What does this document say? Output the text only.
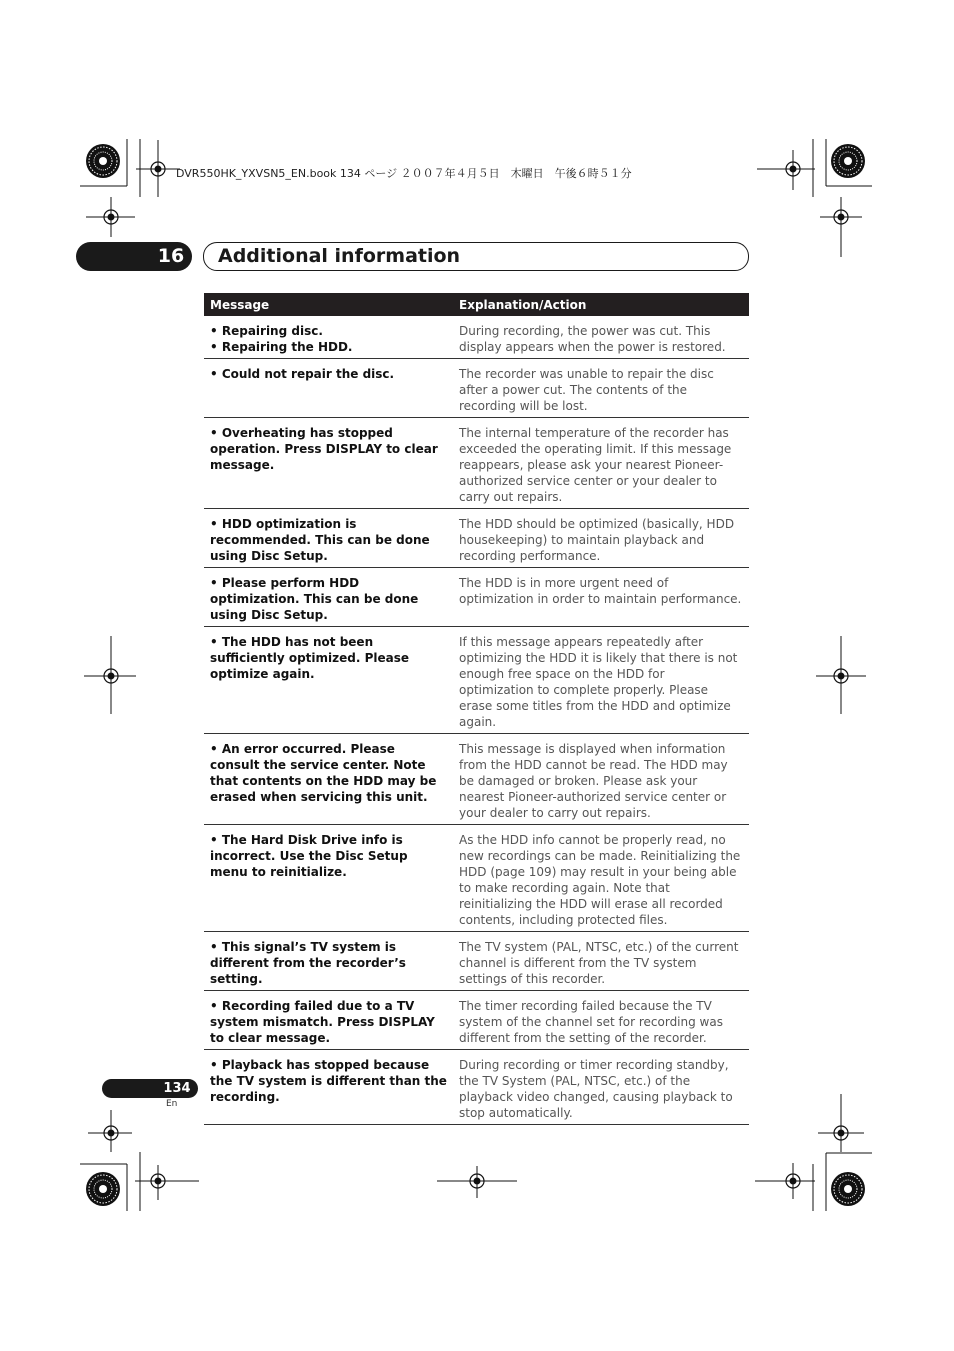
DVR550HK_YXVSN5_EN.book 134 ページ ２００７年４月５日　木曜日　午後６時５１分
16	Additional information
Message	Explanation/Action

• Repairing disc.
• Repairing the HDD.	During recording, the power was cut. This display appears when the power is restored.

• Could not repair the disc.	The recorder was unable to repair the disc after a power cut. The contents of the recording will be lost.

• Overheating has stopped operation. Press DISPLAY to clear message.	The internal temperature of the recorder has exceeded the operating limit. If this message reappears, please ask your nearest Pioneer-authorized service center or your dealer to carry out repairs.

• HDD optimization is recommended. This can be done using Disc Setup.	The HDD should be optimized (basically, HDD housekeeping) to maintain playback and recording performance.

• Please perform HDD optimization. This can be done using Disc Setup.	The HDD is in more urgent need of optimization in order to maintain performance.

• The HDD has not been sufficiently optimized. Please optimize again.	If this message appears repeatedly after optimizing the HDD it is likely that there is not enough free space on the HDD for optimization to complete properly. Please erase some titles from the HDD and optimize again.

• An error occurred. Please consult the service center. Note that contents on the HDD may be erased when servicing this unit.	This message is displayed when information from the HDD cannot be read. The HDD may be damaged or broken. Please ask your nearest Pioneer-authorized service center or your dealer to carry out repairs.

• The Hard Disk Drive info is incorrect. Use the Disc Setup menu to reinitialize.	As the HDD info cannot be properly read, no new recordings can be made. Reinitializing the HDD (page 109) may result in your being able to make recording again. Note that reinitializing the HDD will erase all recorded contents, including protected files.

• This signal’s TV system is different from the recorder’s setting.	The TV system (PAL, NTSC, etc.) of the current channel is different from the TV system settings of this recorder.

• Recording failed due to a TV system mismatch. Press DISPLAY to clear message.	The timer recording failed because the TV system of the channel set for recording was different from the setting of the recorder.

• Playback has stopped because the TV system is different than the recording.	During recording or timer recording standby, the TV System (PAL, NTSC, etc.) of the playback video changed, causing playback to stop automatically.
134
En
